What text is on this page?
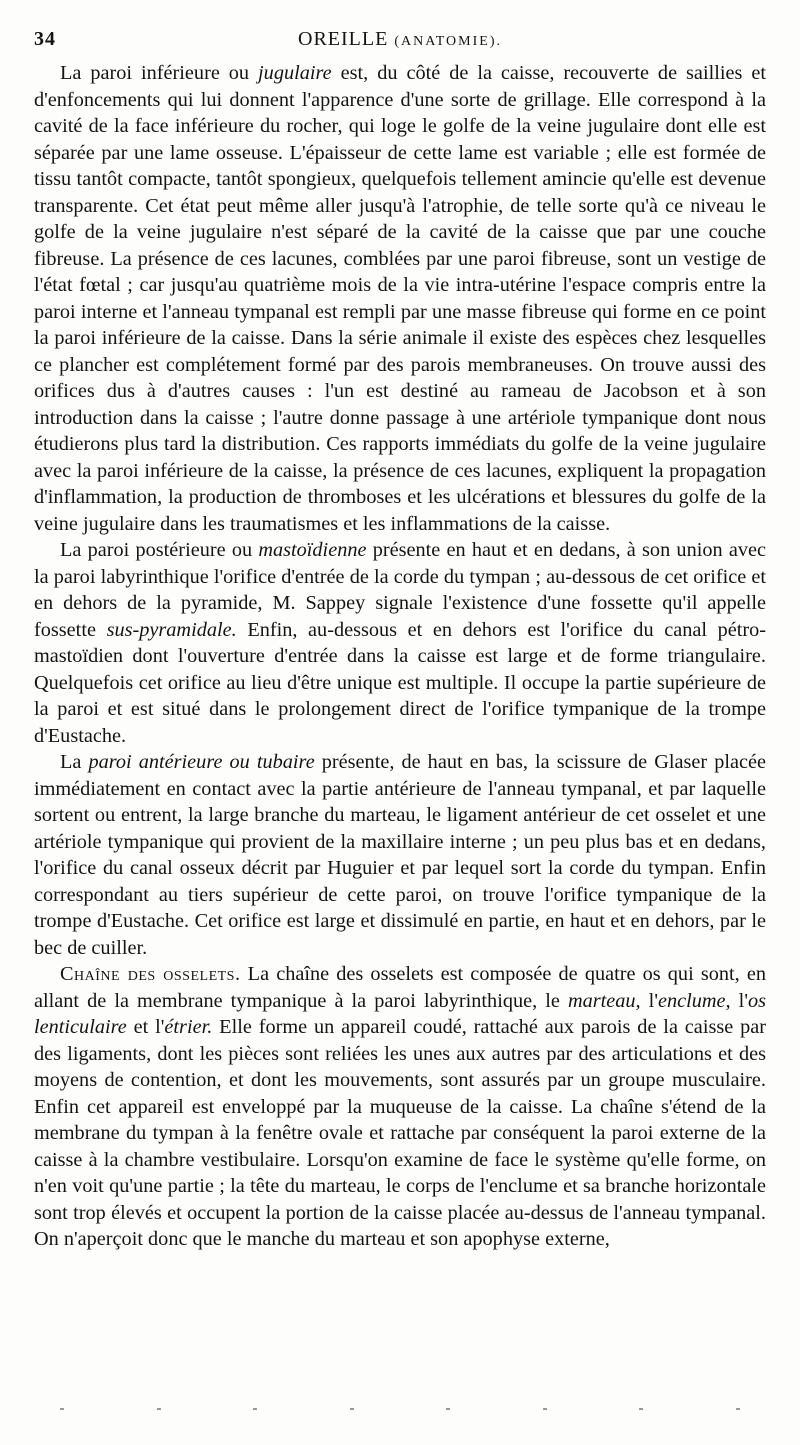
34	OREILLE (ANATOMIE).

La paroi inférieure ou jugulaire est, du côté de la caisse, recouverte de saillies et d'enfoncements qui lui donnent l'apparence d'une sorte de grillage. Elle correspond à la cavité de la face inférieure du rocher, qui loge le golfe de la veine jugulaire dont elle est séparée par une lame osseuse. L'épaisseur de cette lame est variable ; elle est formée de tissu tantôt compacte, tantôt spongieux, quelquefois tellement amincie qu'elle est devenue transparente. Cet état peut même aller jusqu'à l'atrophie, de telle sorte qu'à ce niveau le golfe de la veine jugulaire n'est séparé de la cavité de la caisse que par une couche fibreuse. La présence de ces lacunes, comblées par une paroi fibreuse, sont un vestige de l'état fœtal ; car jusqu'au quatrième mois de la vie intra-utérine l'espace compris entre la paroi interne et l'anneau tympanal est rempli par une masse fibreuse qui forme en ce point la paroi inférieure de la caisse. Dans la série animale il existe des espèces chez lesquelles ce plancher est complétement formé par des parois membraneuses. On trouve aussi des orifices dus à d'autres causes : l'un est destiné au rameau de Jacobson et à son introduction dans la caisse ; l'autre donne passage à une artériole tympanique dont nous étudierons plus tard la distribution. Ces rapports immédiats du golfe de la veine jugulaire avec la paroi inférieure de la caisse, la présence de ces lacunes, expliquent la propagation d'inflammation, la production de thromboses et les ulcérations et blessures du golfe de la veine jugulaire dans les traumatismes et les inflammations de la caisse.

La paroi postérieure ou mastoïdienne présente en haut et en dedans, à son union avec la paroi labyrinthique l'orifice d'entrée de la corde du tympan ; au-dessous de cet orifice et en dehors de la pyramide, M. Sappey signale l'existence d'une fossette qu'il appelle fossette sus-pyramidale. Enfin, au-dessous et en dehors est l'orifice du canal pétro-mastoïdien dont l'ouverture d'entrée dans la caisse est large et de forme triangulaire. Quelquefois cet orifice au lieu d'être unique est multiple. Il occupe la partie supérieure de la paroi et est situé dans le prolongement direct de l'orifice tympanique de la trompe d'Eustache.

La paroi antérieure ou tubaire présente, de haut en bas, la scissure de Glaser placée immédiatement en contact avec la partie antérieure de l'anneau tympanal, et par laquelle sortent ou entrent, la large branche du marteau, le ligament antérieur de cet osselet et une artériole tympanique qui provient de la maxillaire interne ; un peu plus bas et en dedans, l'orifice du canal osseux décrit par Huguier et par lequel sort la corde du tympan. Enfin correspondant au tiers supérieur de cette paroi, on trouve l'orifice tympanique de la trompe d'Eustache. Cet orifice est large et dissimulé en partie, en haut et en dehors, par le bec de cuiller.

Chaîne des osselets. La chaîne des osselets est composée de quatre os qui sont, en allant de la membrane tympanique à la paroi labyrinthique, le marteau, l'enclume, l'os lenticulaire et l'étrier. Elle forme un appareil coudé, rattaché aux parois de la caisse par des ligaments, dont les pièces sont reliées les unes aux autres par des articulations et des moyens de contention, et dont les mouvements, sont assurés par un groupe musculaire. Enfin cet appareil est enveloppé par la muqueuse de la caisse. La chaîne s'étend de la membrane du tympan à la fenêtre ovale et rattache par conséquent la paroi externe de la caisse à la chambre vestibulaire. Lorsqu'on examine de face le système qu'elle forme, on n'en voit qu'une partie ; la tête du marteau, le corps de l'enclume et sa branche horizontale sont trop élevés et occupent la portion de la caisse placée au-dessus de l'anneau tympanal. On n'aperçoit donc que le manche du marteau et son apophyse externe,
